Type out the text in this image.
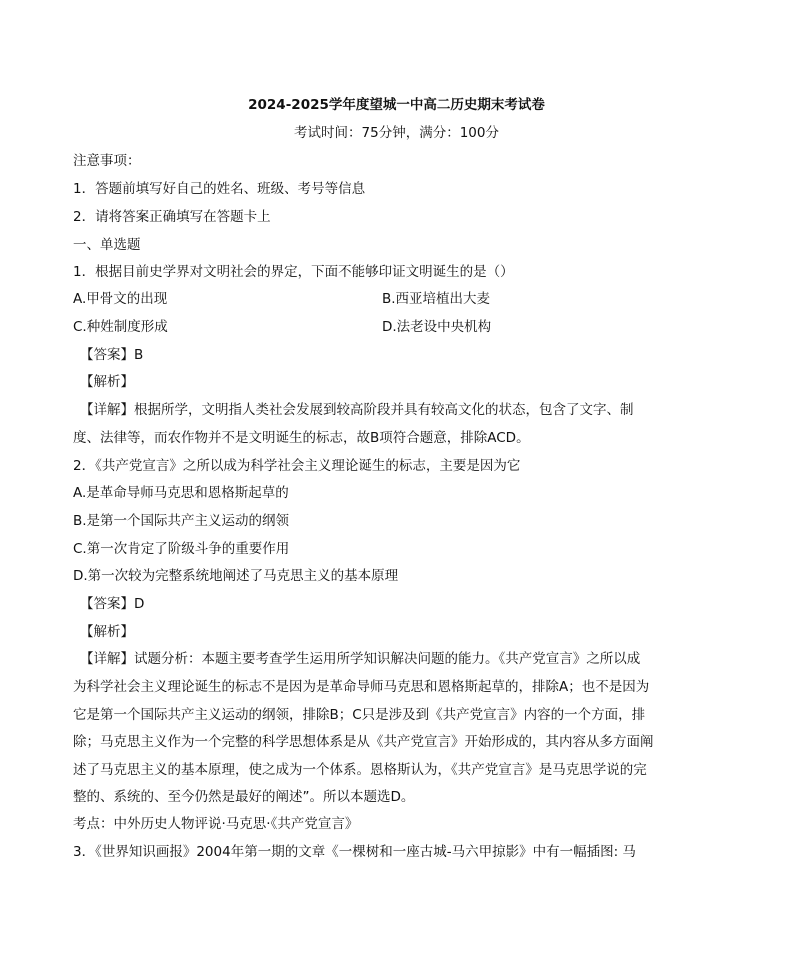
2024-2025学年度望城一中高二历史期末考试卷
考试时间：75分钟，满分：100分
注意事项：
1．答题前填写好自己的姓名、班级、考号等信息
2．请将答案正确填写在答题卡上
一、单选题
1．根据目前史学界对文明社会的界定，下面不能够印证文明诞生的是（）
A.甲骨文的出现	B.西亚培植出大麦
C.种姓制度形成	D.法老设中央机构
【答案】B
【解析】
【详解】根据所学，文明指人类社会发展到较高阶段并具有较高文化的状态，包含了文字、制
度、法律等，而农作物并不是文明诞生的标志，故B项符合题意，排除ACD。
2．《共产党宣言》之所以成为科学社会主义理论诞生的标志，主要是因为它
A.是革命导师马克思和恩格斯起草的
B.是第一个国际共产主义运动的纲领
C.第一次肯定了阶级斗争的重要作用
D.第一次较为完整系统地阐述了马克思主义的基本原理
【答案】D
【解析】
【详解】试题分析：本题主要考查学生运用所学知识解决问题的能力。《共产党宣言》之所以成
为科学社会主义理论诞生的标志不是因为是革命导师马克思和恩格斯起草的，排除A；也不是因为
它是第一个国际共产主义运动的纲领，排除B；C只是涉及到《共产党宣言》内容的一个方面，排
除；马克思主义作为一个完整的科学思想体系是从《共产党宣言》开始形成的，其内容从多方面阐
述了马克思主义的基本原理，使之成为一个体系。恩格斯认为，《共产党宣言》是马克思学说的完
整的、系统的、至今仍然是最好的阐述”。所以本题选D。
考点：中外历史人物评说·马克思·《共产党宣言》
3．《世界知识画报》2004年第一期的文章《一棵树和一座古城-马六甲掠影》中有一幅插图: 马
